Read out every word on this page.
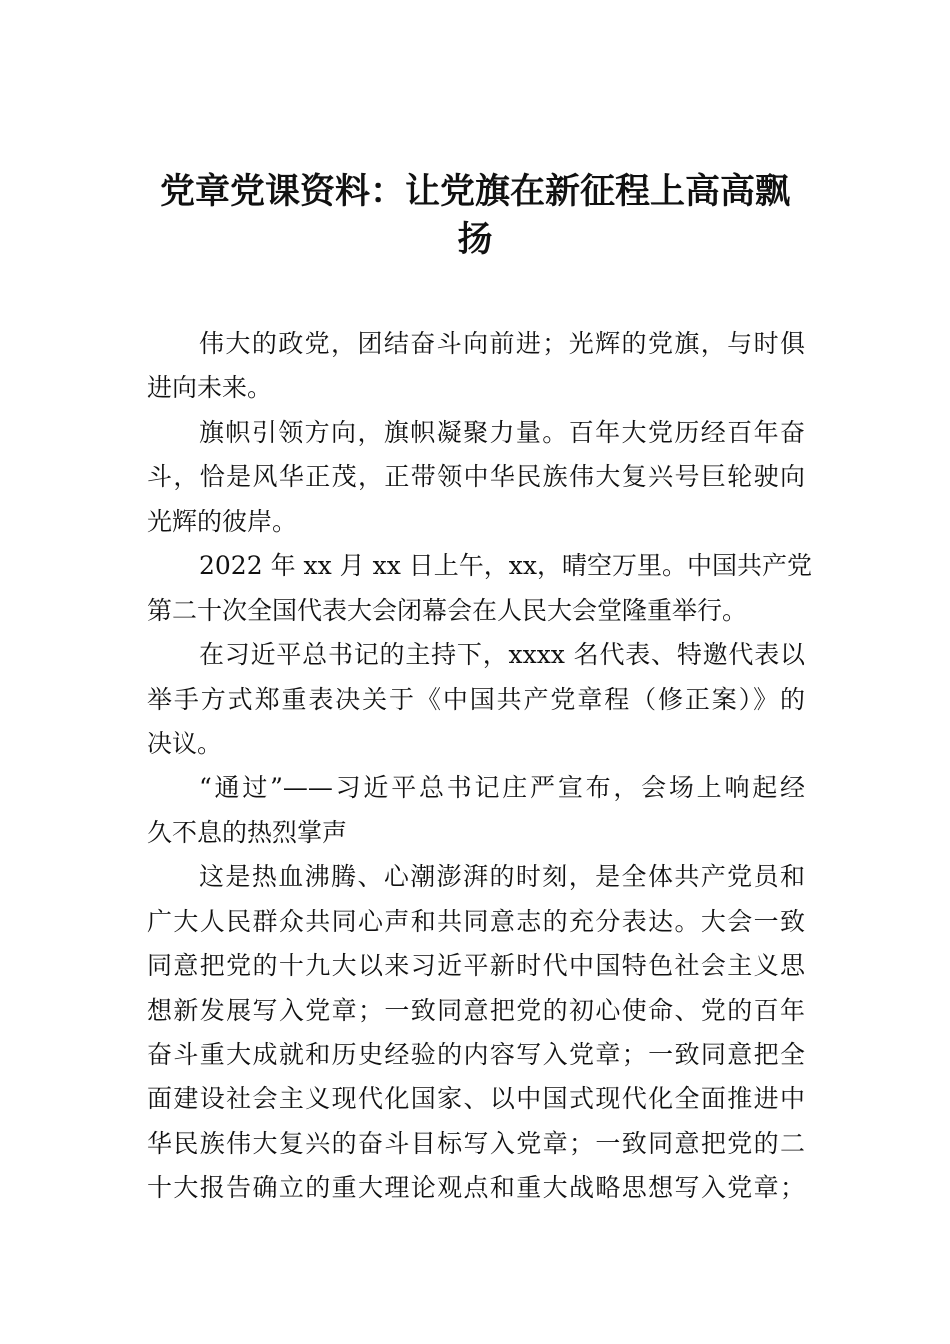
党章党课资料：让党旗在新征程上高高飘
扬
伟大的政党，团结奋斗向前进；光辉的党旗，与时俱
进向未来。
旗帜引领方向，旗帜凝聚力量。百年大党历经百年奋
斗，恰是风华正茂，正带领中华民族伟大复兴号巨轮驶向
光辉的彼岸。
2022 年 xx 月 xx 日上午，xx，晴空万里。中国共产党
第二十次全国代表大会闭幕会在人民大会堂隆重举行。
在习近平总书记的主持下，xxxx 名代表、特邀代表以
举手方式郑重表决关于《中国共产党章程（修正案）》的
决议。
“通过”——习近平总书记庄严宣布，会场上响起经
久不息的热烈掌声
这是热血沸腾、心潮澎湃的时刻，是全体共产党员和
广大人民群众共同心声和共同意志的充分表达。大会一致
同意把党的十九大以来习近平新时代中国特色社会主义思
想新发展写入党章；一致同意把党的初心使命、党的百年
奋斗重大成就和历史经验的内容写入党章；一致同意把全
面建设社会主义现代化国家、以中国式现代化全面推进中
华民族伟大复兴的奋斗目标写入党章；一致同意把党的二
十大报告确立的重大理论观点和重大战略思想写入党章；
